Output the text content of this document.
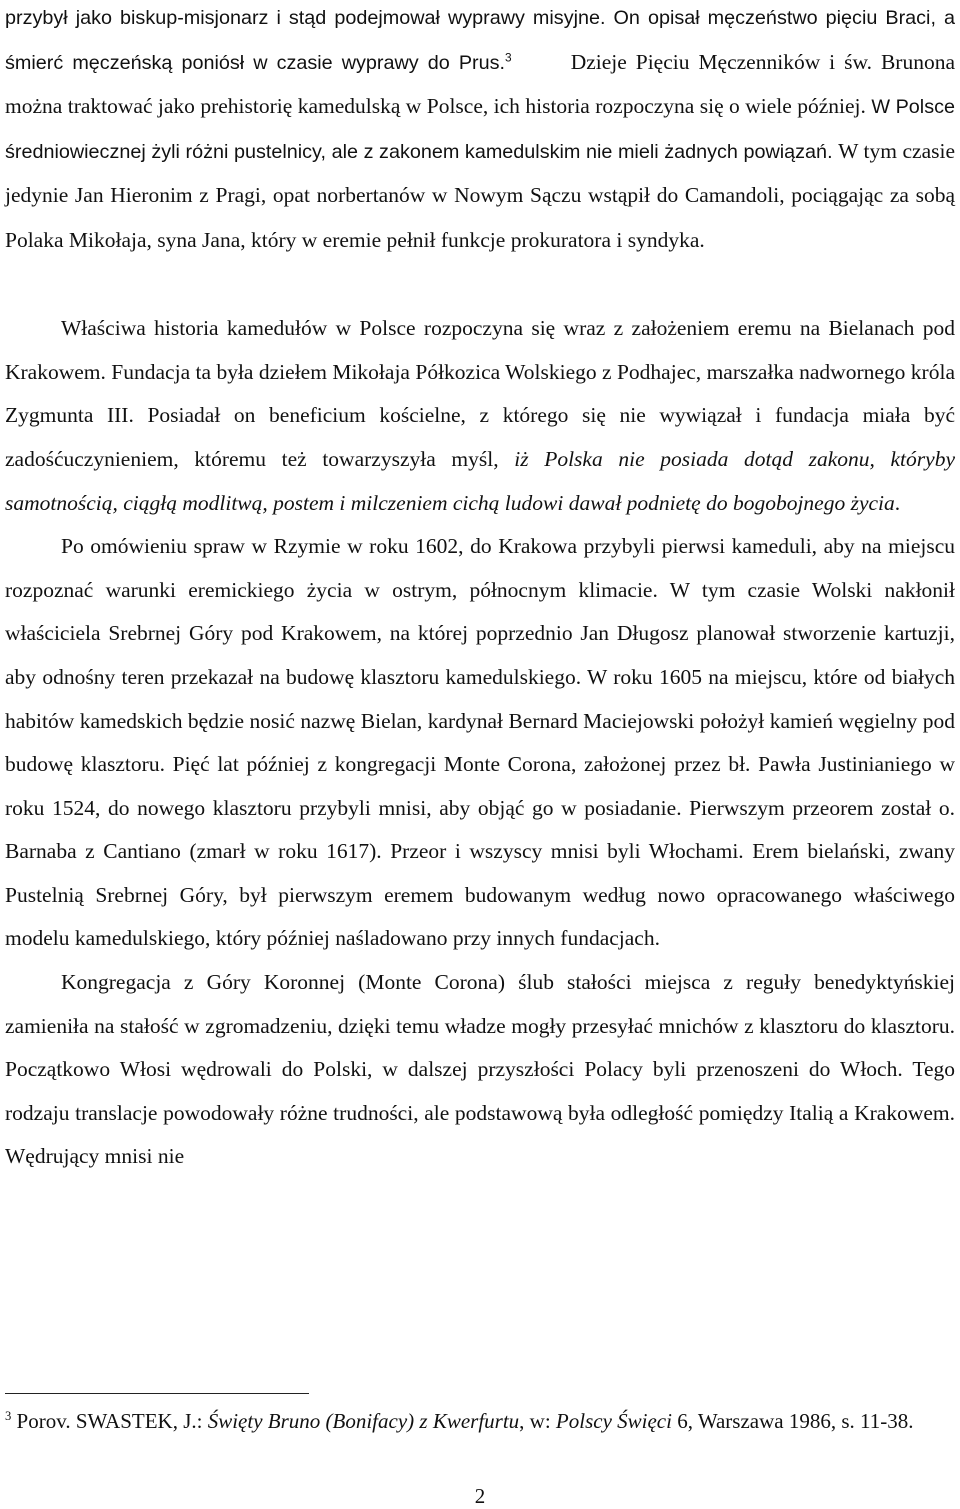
przybył jako biskup-misjonarz i stąd podejmował wyprawy misyjne. On opisał męczeństwo pięciu Braci, a śmierć męczeńską poniósł w czasie wyprawy do Prus.$^3$	Dzieje Pięciu Męczenników i św. Brunona można traktować jako prehistorię kamedulską w Polsce, ich historia rozpoczyna się o wiele później. W Polsce średniowiecznej żyli różni pustelnicy, ale z zakonem kamedulskim nie mieli żadnych powiązań. W tym czasie jedynie Jan Hieronim z Pragi, opat norbertanów w Nowym Sączu wstąpił do Camandoli, pociągając za sobą Polaka Mikołaja, syna Jana, który w eremie pełnił funkcje prokuratora i syndyka.

Właściwa historia kamedułów w Polsce rozpoczyna się wraz z założeniem eremu na Bielanach pod Krakowem. Fundacja ta była dziełem Mikołaja Półkozica Wolskiego z Podhajec, marszałka nadwornego króla Zygmunta III. Posiadał on beneficium kościelne, z którego się nie wywiązał i fundacja miała być zadośćuczynieniem, któremu też towarzyszyła myśl, iż Polska nie posiada dotąd zakonu, któryby samotnością, ciągłą modlitwą, postem i milczeniem cichą ludowi dawał podnietę do bogobojnego życia.

Po omówieniu spraw w Rzymie w roku 1602, do Krakowa przybyli pierwsi kameduli, aby na miejscu rozpoznać warunki eremickiego życia w ostrym, północnym klimacie. W tym czasie Wolski nakłonił właściciela Srebrnej Góry pod Krakowem, na której poprzednio Jan Długosz planował stworzenie kartuzji, aby odnośny teren przekazał na budowę klasztoru kamedulskiego. W roku 1605 na miejscu, które od białych habitów kamedskich będzie nosić nazwę Bielan, kardynał Bernard Maciejowski położył kamień węgielny pod budowę klasztoru. Pięć lat później z kongregacji Monte Corona, założonej przez bł. Pawła Justinianiego w roku 1524, do nowego klasztoru przybyli mnisi, aby objąć go w posiadanie. Pierwszym przeorem został o. Barnaba z Cantiano (zmarł w roku 1617). Przeor i wszyscy mnisi byli Włochami. Erem bielański, zwany Pustelnią Srebrnej Góry, był pierwszym eremem budowanym według nowo opracowanego właściwego modelu kamedulskiego, który później naśladowano przy innych fundacjach.

Kongregacja z Góry Koronnej (Monte Corona) ślub stałości miejsca z reguły benedyktyńskiej zamieniła na stałość w zgromadzeniu, dzięki temu władze mogły przesyłać mnichów z klasztoru do klasztoru. Początkowo Włosi wędrowali do Polski, w dalszej przyszłości Polacy byli przenoszeni do Włoch. Tego rodzaju translacje powodowały różne trudności, ale podstawową była odległość pomiędzy Italią a Krakowem. Wędrujący mnisi nie

$^3$ Porov. SWASTEK, J.: Święty Bruno (Bonifacy) z Kwerfurtu, w: Polscy Święci 6, Warszawa 1986, s. 11-38.

2
